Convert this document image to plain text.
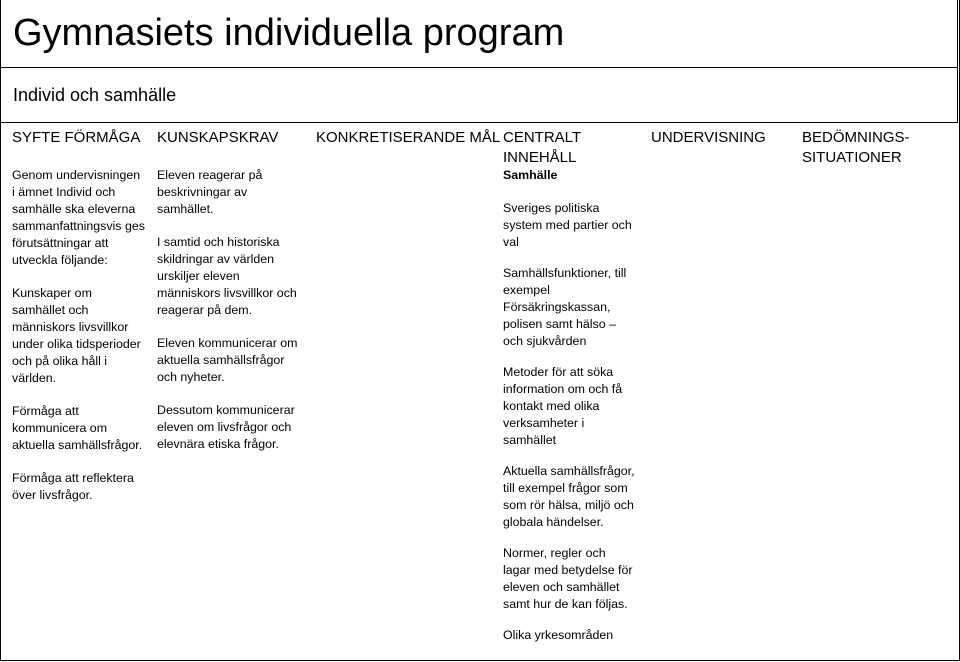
Gymnasiets individuella program
Individ och samhälle
SYFTE FÖRMÅGA KUNSKAPSKRAV	KONKRETISERANDE MÅL CENTRALT
INNEHÅLL
UNDERVISNING BEDÖMNINGS-
SITUATIONER

Genom undervisningen
i ämnet Individ och
samhälle ska eleverna
sammanfattningsvis ges
förutsättningar att
utveckla följande:

Kunskaper om
samhället och
människors livsvillkor
under olika tidsperioder
och på olika håll i
världen.

Förmåga att
kommunicera om
aktuella samhällsfrågor.

Förmåga att reflektera
över livsfrågor.

Eleven reagerar på
beskrivningar av
samhället.

I samtid och historiska
skildringar av världen
urskiljer eleven
människors livsvillkor och
reagerar på dem.

Eleven kommunicerar om
aktuella samhällsfrågor
och nyheter.

Dessutom kommunicerar
eleven om livsfrågor och
elevnära etiska frågor.

Samhälle

Sveriges politiska
system med partier och
val

Samhällsfunktioner, till
exempel
Försäkringskassan,
polisen samt hälso –
och sjukvården

Metoder för att söka
information om och få
kontakt med olika
verksamheter i
samhället

Aktuella samhällsfrågor,
till exempel frågor som
som rör hälsa, miljö och
globala händelser.

Normer, regler och
lagar med betydelse för
eleven och samhället
samt hur de kan följas.

Olika yrkesområden
